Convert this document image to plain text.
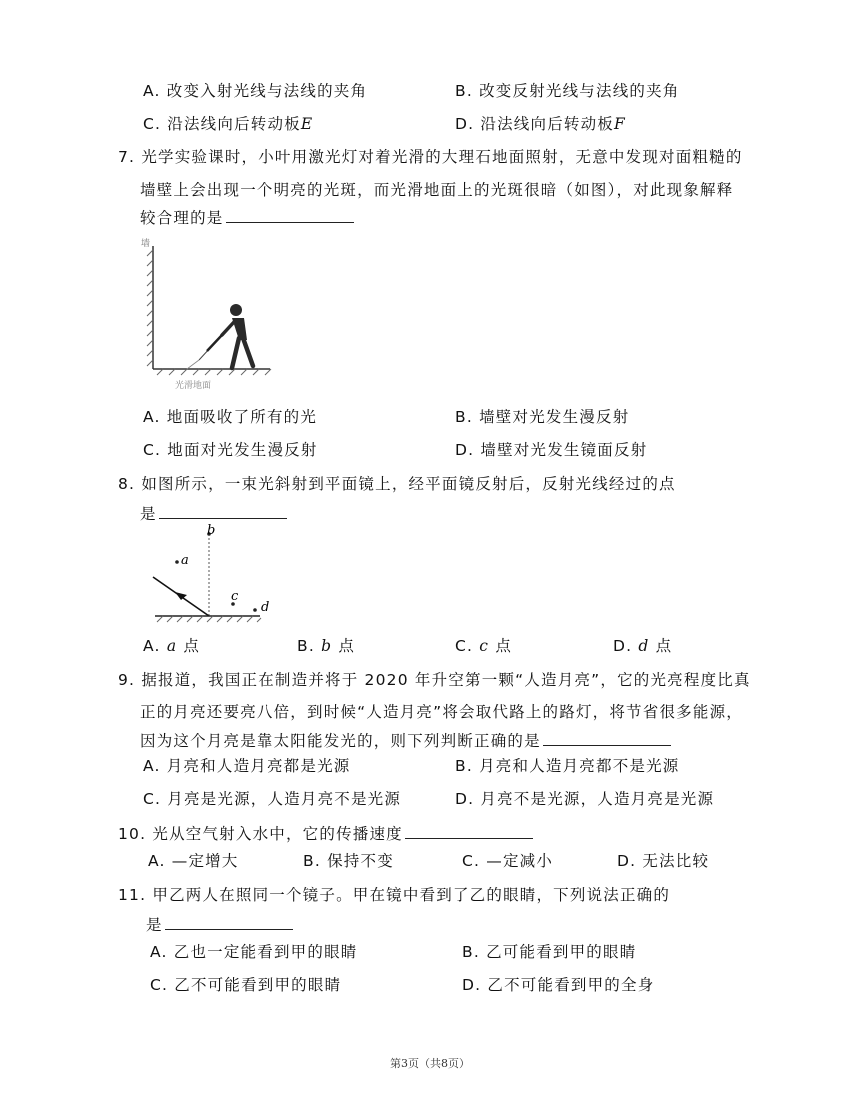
A. 改变入射光线与法线的夹角	B. 改变反射光线与法线的夹角
C. 沿法线向后转动板E	D. 沿法线向后转动板F
7. 光学实验课时，小叶用激光灯对着光滑的大理石地面照射，无意中发现对面粗糙的
墙壁上会出现一个明亮的光斑，而光滑地面上的光斑很暗（如图），对此现象解释
较合理的是
墙
光滑地面
A. 地面吸收了所有的光	B. 墙壁对光发生漫反射
C. 地面对光发生漫反射	D. 墙壁对光发生镜面反射
8. 如图所示，一束光斜射到平面镜上，经平面镜反射后，反射光线经过的点
是
b
a
c
d
A. a 点	B. b 点	C. c 点	D. d 点
9. 据报道，我国正在制造并将于 2020 年升空第一颗“人造月亮”，它的光亮程度比真
正的月亮还要亮八倍，到时候“人造月亮”将会取代路上的路灯，将节省很多能源，
因为这个月亮是靠太阳能发光的，则下列判断正确的是
A. 月亮和人造月亮都是光源	B. 月亮和人造月亮都不是光源
C. 月亮是光源，人造月亮不是光源	D. 月亮不是光源，人造月亮是光源
10. 光从空气射入水中，它的传播速度
A. —定增大	B. 保持不变	C. —定减小	D. 无法比较
11. 甲乙两人在照同一个镜子。甲在镜中看到了乙的眼睛，下列说法正确的
是
A. 乙也一定能看到甲的眼睛	B. 乙可能看到甲的眼睛
C. 乙不可能看到甲的眼睛	D. 乙不可能看到甲的全身
第3页（共8页）
